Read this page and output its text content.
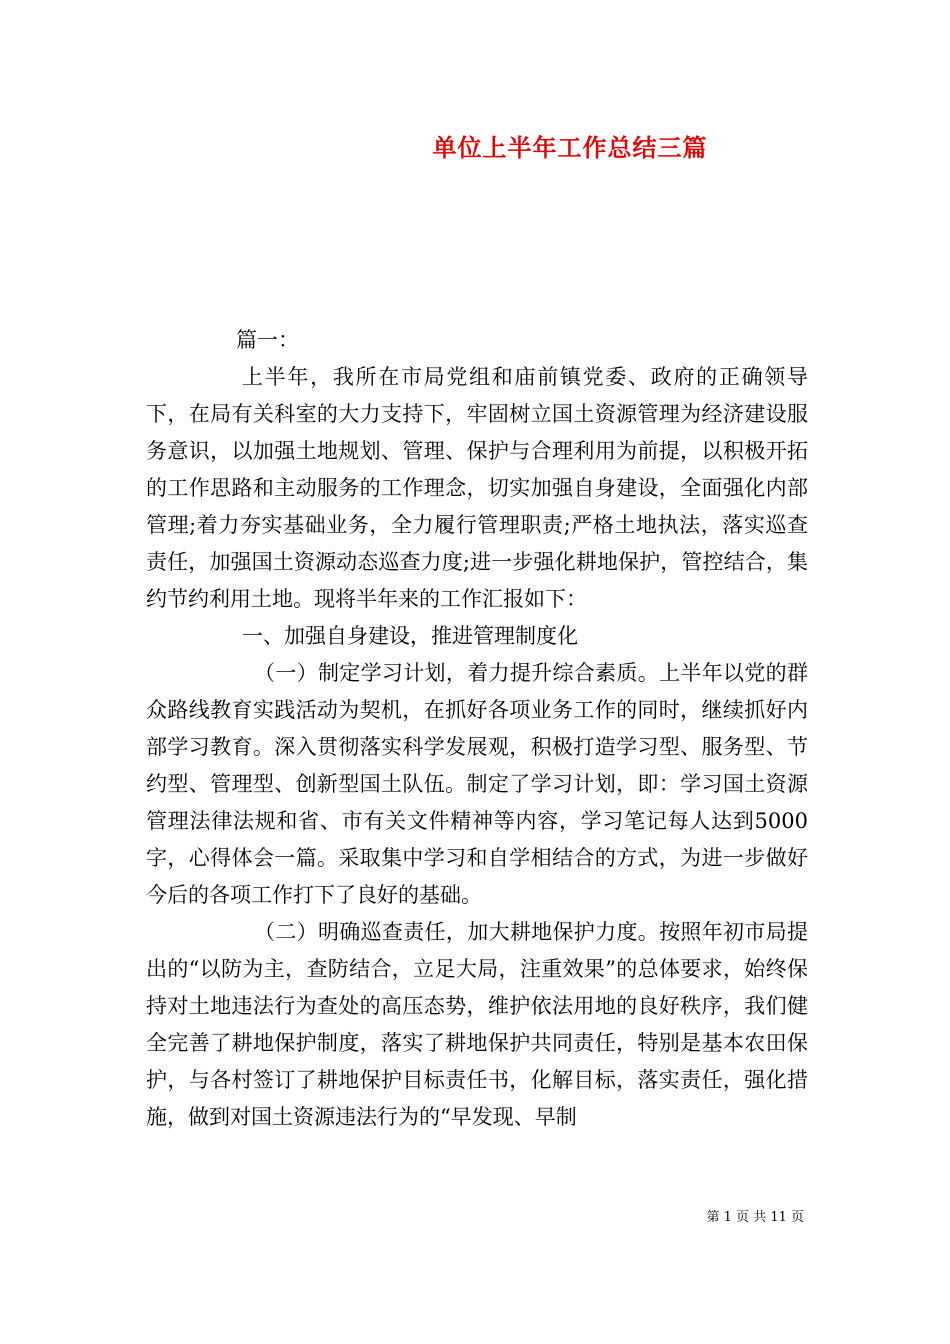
单位上半年工作总结三篇

篇一：

上半年，我所在市局党组和庙前镇党委、政府的正确领导下，在局有关科室的大力支持下，牢固树立国土资源管理为经济建设服务意识，以加强土地规划、管理、保护与合理利用为前提，以积极开拓的工作思路和主动服务的工作理念，切实加强自身建设，全面强化内部管理;着力夯实基础业务，全力履行管理职责;严格土地执法，落实巡查责任，加强国土资源动态巡查力度;进一步强化耕地保护，管控结合，集约节约利用土地。现将半年来的工作汇报如下：

一、加强自身建设，推进管理制度化

（一）制定学习计划，着力提升综合素质。上半年以党的群众路线教育实践活动为契机，在抓好各项业务工作的同时，继续抓好内部学习教育。深入贯彻落实科学发展观，积极打造学习型、服务型、节约型、管理型、创新型国土队伍。制定了学习计划，即：学习国土资源管理法律法规和省、市有关文件精神等内容，学习笔记每人达到5000字，心得体会一篇。采取集中学习和自学相结合的方式，为进一步做好今后的各项工作打下了良好的基础。

（二）明确巡查责任，加大耕地保护力度。按照年初市局提出的“以防为主，查防结合，立足大局，注重效果”的总体要求，始终保持对土地违法行为查处的高压态势，维护依法用地的良好秩序，我们健全完善了耕地保护制度，落实了耕地保护共同责任，特别是基本农田保护，与各村签订了耕地保护目标责任书，化解目标，落实责任，强化措施，做到对国土资源违法行为的“早发现、早制

第 1 页 共 11 页
